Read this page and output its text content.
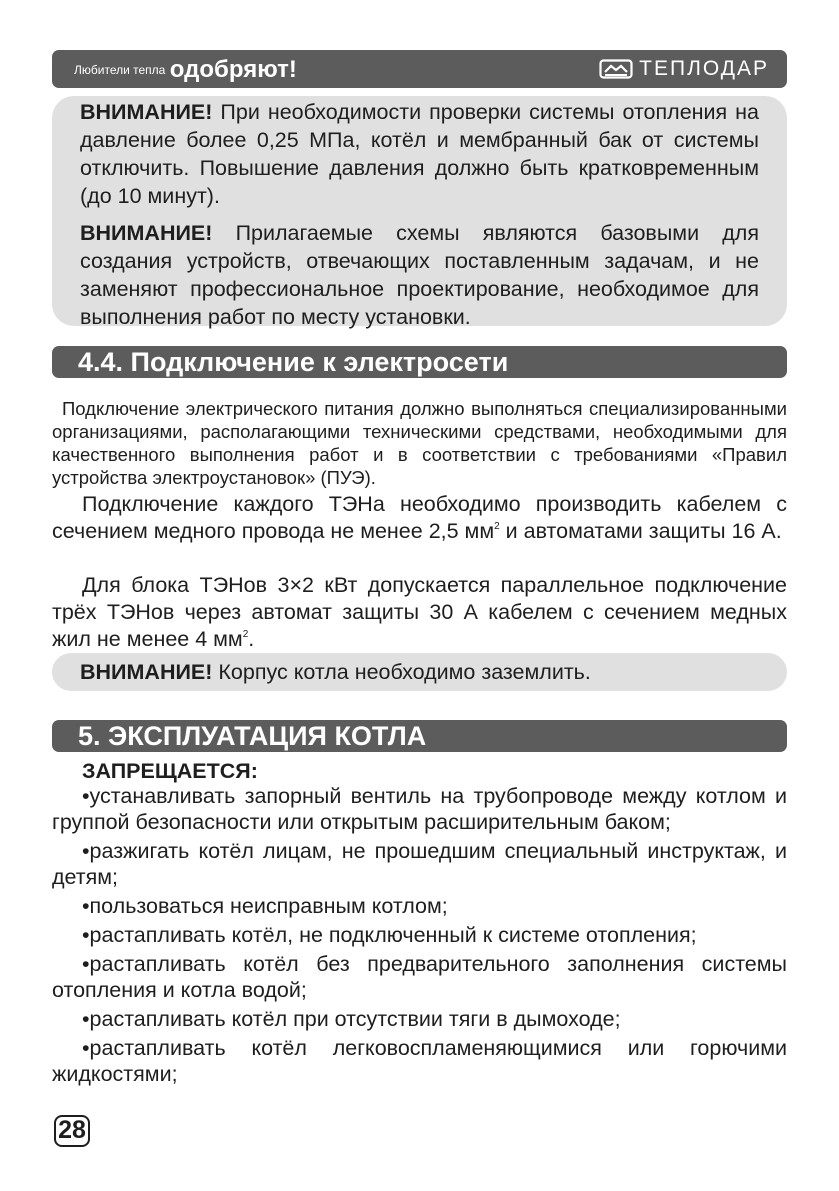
Любители тепла одобряют!	ТЕПЛОДАР

ВНИМАНИЕ! При необходимости проверки системы отопления на давление более 0,25 МПа, котёл и мембранный бак от системы отключить. Повышение давления должно быть кратковременным (до 10 минут).

ВНИМАНИЕ! Прилагаемые схемы являются базовыми для создания устройств, отвечающих поставленным задачам, и не заменяют профессиональное проектирование, необходимое для выполнения работ по месту установки.

4.4. Подключение к электросети

Подключение электрического питания должно выполняться специализированными организациями, располагающими техническими средствами, необходимыми для качественного выполнения работ и в соответствии с требованиями «Правил устройства электроустановок» (ПУЭ).

Подключение каждого ТЭНа необходимо производить кабелем с сечением медного провода не менее 2,5 $мм^2$ и автоматами защиты 16 А.

Для блока ТЭНов 3×2 кВт допускается параллельное подключение трёх ТЭНов через автомат защиты 30 А кабелем с сечением медных жил не менее 4 $мм^2$.

ВНИМАНИЕ! Корпус котла необходимо заземлить.

5. ЭКСПЛУАТАЦИЯ КОТЛА

ЗАПРЕЩАЕТСЯ:

•устанавливать запорный вентиль на трубопроводе между котлом и группой безопасности или открытым расширительным баком;
•разжигать котёл лицам, не прошедшим специальный инструктаж, и детям;
•пользоваться неисправным котлом;
•растапливать котёл, не подключенный к системе отопления;
•растапливать котёл без предварительного заполнения системы отопления и котла водой;
•растапливать котёл при отсутствии тяги в дымоходе;
•растапливать котёл легковоспламеняющимися или горючими жидкостями;
28
